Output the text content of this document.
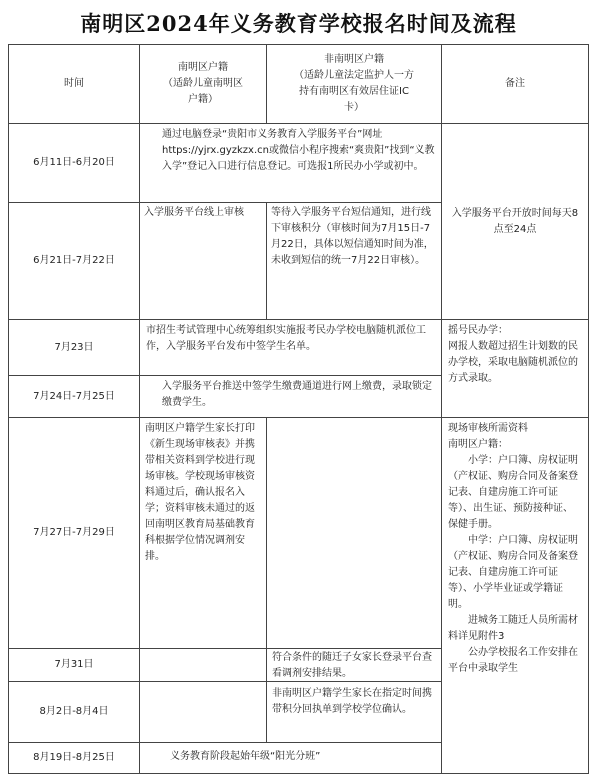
南明区2024年义务教育学校报名时间及流程
时间
南明区户籍
（适龄儿童南明区
户籍）
非南明区户籍
（适龄儿童法定监护人一方
持有南明区有效居住证IC
卡）
备注
6月11日-6月20日
通过电脑登录“贵阳市义务教育入学服务平台”网址https://yjrx.gyzkzx.cn或微信小程序搜索“爽贵阳”找到“义教入学”登记入口进行信息登记。可选报1所民办小学或初中。
6月21日-7月22日
入学服务平台线上审核	等待入学服务平台短信通知，进行线下审核积分（审核时间为7月15日-7月22日，具体以短信通知时间为准，未收到短信的统一7月22日审核）。
入学服务平台开放时间每天8点至24点
7月23日
市招生考试管理中心统筹组织实施报考民办学校电脑随机派位工作，入学服务平台发布中签学生名单。
7月24日-7月25日
入学服务平台推送中签学生缴费通道进行网上缴费，录取锁定缴费学生。
摇号民办学：
网报人数超过招生计划数的民办学校，采取电脑随机派位的方式录取。
7月27日-7月29日
南明区户籍学生家长打印《新生现场审核表》并携带相关资料到学校进行现场审核。学校现场审核资料通过后，确认报名入学；资料审核未通过的返回南明区教育局基础教育科根据学位情况调剂安排。
7月31日
符合条件的随迁子女家长登录平台查看调剂安排结果。
8月2日-8月4日
非南明区户籍学生家长在指定时间携带积分回执单到学校学位确认。
8月19日-8月25日	义务教育阶段起始年级“阳光分班”
现场审核所需资料
南明区户籍：
　　小学：户口簿、房权证明（产权证、购房合同及备案登记表、自建房施工许可证等）、出生证、预防接种证、保健手册。
　　中学：户口簿、房权证明（产权证、购房合同及备案登记表、自建房施工许可证等）、小学毕业证或学籍证明。
　　进城务工随迁人员所需材料详见附件3
　　公办学校报名工作安排在平台中录取学生
